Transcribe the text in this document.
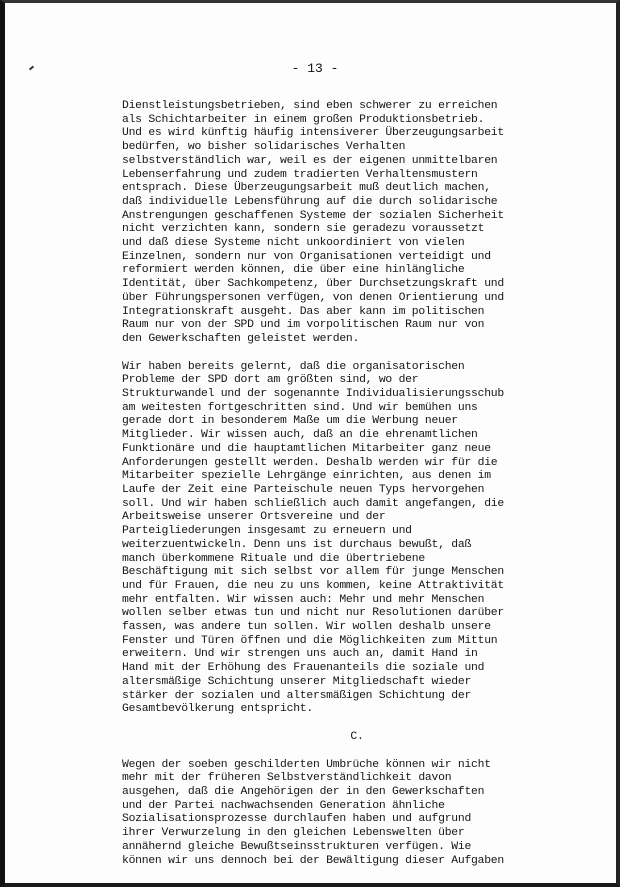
- 13 -
Dienstleistungsbetrieben, sind eben schwerer zu erreichen
als Schichtarbeiter in einem großen Produktionsbetrieb.
Und es wird künftig häufig intensiverer Überzeugungsarbeit
bedürfen, wo bisher solidarisches Verhalten
selbstverständlich war, weil es der eigenen unmittelbaren
Lebenserfahrung und zudem tradierten Verhaltensmustern
entsprach. Diese Überzeugungsarbeit muß deutlich machen,
daß individuelle Lebensführung auf die durch solidarische
Anstrengungen geschaffenen Systeme der sozialen Sicherheit
nicht verzichten kann, sondern sie geradezu voraussetzt
und daß diese Systeme nicht unkoordiniert von vielen
Einzelnen, sondern nur von Organisationen verteidigt und
reformiert werden können, die über eine hinlängliche
Identität, über Sachkompetenz, über Durchsetzungskraft und
über Führungspersonen verfügen, von denen Orientierung und
Integrationskraft ausgeht. Das aber kann im politischen
Raum nur von der SPD und im vorpolitischen Raum nur von
den Gewerkschaften geleistet werden.
Wir haben bereits gelernt, daß die organisatorischen
Probleme der SPD dort am größten sind, wo der
Strukturwandel und der sogenannte Individualisierungsschub
am weitesten fortgeschritten sind. Und wir bemühen uns
gerade dort in besonderem Maße um die Werbung neuer
Mitglieder. Wir wissen auch, daß an die ehrenamtlichen
Funktionäre und die hauptamtlichen Mitarbeiter ganz neue
Anforderungen gestellt werden. Deshalb werden wir für die
Mitarbeiter spezielle Lehrgänge einrichten, aus denen im
Laufe der Zeit eine Parteischule neuen Typs hervorgehen
soll. Und wir haben schließlich auch damit angefangen, die
Arbeitsweise unserer Ortsvereine und der
Parteigliederungen insgesamt zu erneuern und
weiterzuentwickeln. Denn uns ist durchaus bewußt, daß
manch überkommene Rituale und die übertriebene
Beschäftigung mit sich selbst vor allem für junge Menschen
und für Frauen, die neu zu uns kommen, keine Attraktivität
mehr entfalten. Wir wissen auch: Mehr und mehr Menschen
wollen selber etwas tun und nicht nur Resolutionen darüber
fassen, was andere tun sollen. Wir wollen deshalb unsere
Fenster und Türen öffnen und die Möglichkeiten zum Mittun
erweitern. Und wir strengen uns auch an, damit Hand in
Hand mit der Erhöhung des Frauenanteils die soziale und
altersmäßige Schichtung unserer Mitgliedschaft wieder
stärker der sozialen und altersmäßigen Schichtung der
Gesamtbevölkerung entspricht.
C.
Wegen der soeben geschilderten Umbrüche können wir nicht
mehr mit der früheren Selbstverständlichkeit davon
ausgehen, daß die Angehörigen der in den Gewerkschaften
und der Partei nachwachsenden Generation ähnliche
Sozialisationsprozesse durchlaufen haben und aufgrund
ihrer Verwurzelung in den gleichen Lebenswelten über
annähernd gleiche Bewußtseinsstrukturen verfügen. Wie
können wir uns dennoch bei der Bewältigung dieser Aufgaben
